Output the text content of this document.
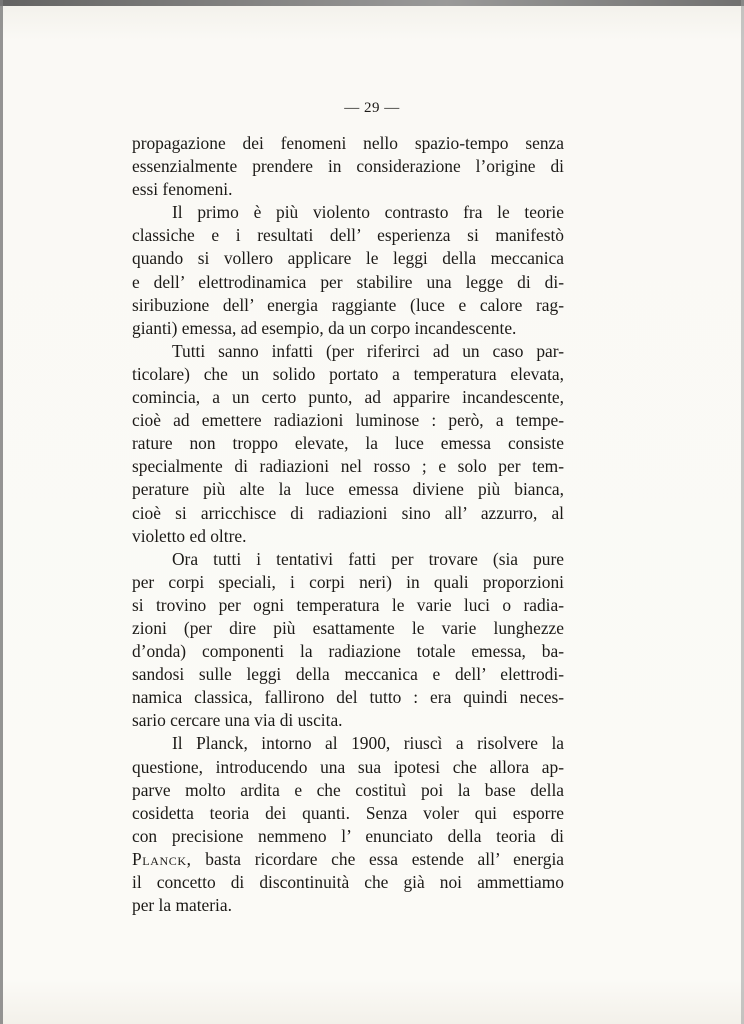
— 29 —
propagazione dei fenomeni nello spazio-tempo senza
essenzialmente prendere in considerazione l’origine di
essi fenomeni.
Il primo è più violento contrasto fra le teorie
classiche e i resultati dell’ esperienza si manifestò
quando si vollero applicare le leggi della meccanica
e dell’ elettrodinamica per stabilire una legge di di-
siribuzione dell’ energia raggiante (luce e calore rag-
gianti) emessa, ad esempio, da un corpo incandescente.
Tutti sanno infatti (per riferirci ad un caso par-
ticolare) che un solido portato a temperatura elevata,
comincia, a un certo punto, ad apparire incandescente,
cioè ad emettere radiazioni luminose : però, a tempe-
rature non troppo elevate, la luce emessa consiste
specialmente di radiazioni nel rosso ; e solo per tem-
perature più alte la luce emessa diviene più bianca,
cioè si arricchisce di radiazioni sino all’ azzurro, al
violetto ed oltre.
Ora tutti i tentativi fatti per trovare (sia pure
per corpi speciali, i corpi neri) in quali proporzioni
si trovino per ogni temperatura le varie luci o radia-
zioni (per dire più esattamente le varie lunghezze
d’onda) componenti la radiazione totale emessa, ba-
sandosi sulle leggi della meccanica e dell’ elettrodi-
namica classica, fallirono del tutto : era quindi neces-
sario cercare una via di uscita.
Il Planck, intorno al 1900, riuscì a risolvere la
questione, introducendo una sua ipotesi che allora ap-
parve molto ardita e che costituì poi la base della
cosidetta teoria dei quanti. Senza voler qui esporre
con precisione nemmeno l’ enunciato della teoria di
Planck, basta ricordare che essa estende all’ energia
il concetto di discontinuità che già noi ammettiamo
per la materia.
